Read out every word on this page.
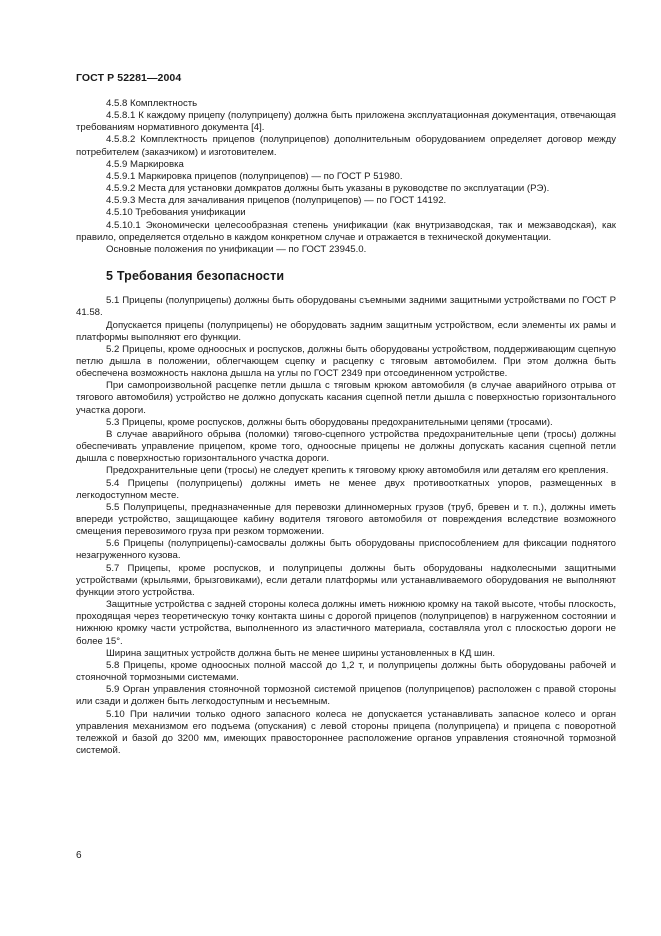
ГОСТ Р 52281—2004

4.5.8 Комплектность

4.5.8.1 К каждому прицепу (полуприцепу) должна быть приложена эксплуатационная документация, отвечающая требованиям нормативного документа [4].

4.5.8.2 Комплектность прицепов (полуприцепов) дополнительным оборудованием определяет договор между потребителем (заказчиком) и изготовителем.

4.5.9 Маркировка

4.5.9.1 Маркировка прицепов (полуприцепов) — по ГОСТ Р 51980.

4.5.9.2 Места для установки домкратов должны быть указаны в руководстве по эксплуатации (РЭ).

4.5.9.3 Места для зачаливания прицепов (полуприцепов) — по ГОСТ 14192.

4.5.10 Требования унификации

4.5.10.1 Экономически целесообразная степень унификации (как внутризаводская, так и межзаводская), как правило, определяется отдельно в каждом конкретном случае и отражается в технической документации.

Основные положения по унификации — по ГОСТ 23945.0.

5 Требования безопасности

5.1 Прицепы (полуприцепы) должны быть оборудованы съемными задними защитными устройствами по ГОСТ Р 41.58.

Допускается прицепы (полуприцепы) не оборудовать задним защитным устройством, если элементы их рамы и платформы выполняют его функции.

5.2 Прицепы, кроме одноосных и роспусков, должны быть оборудованы устройством, поддерживающим сцепную петлю дышла в положении, облегчающем сцепку и расцепку с тяговым автомобилем. При этом должна быть обеспечена возможность наклона дышла на углы по ГОСТ 2349 при отсоединенном устройстве.

При самопроизвольной расцепке петли дышла с тяговым крюком автомобиля (в случае аварийного отрыва от тягового автомобиля) устройство не должно допускать касания сцепной петли дышла с поверхностью горизонтального участка дороги.

5.3 Прицепы, кроме роспусков, должны быть оборудованы предохранительными цепями (тросами).

В случае аварийного обрыва (поломки) тягово-сцепного устройства предохранительные цепи (тросы) должны обеспечивать управление прицепом, кроме того, одноосные прицепы не должны допускать касания сцепной петли дышла с поверхностью горизонтального участка дороги.

Предохранительные цепи (тросы) не следует крепить к тяговому крюку автомобиля или деталям его крепления.

5.4 Прицепы (полуприцепы) должны иметь не менее двух противооткатных упоров, размещенных в легкодоступном месте.

5.5 Полуприцепы, предназначенные для перевозки длинномерных грузов (труб, бревен и т. п.), должны иметь впереди устройство, защищающее кабину водителя тягового автомобиля от повреждения вследствие возможного смещения перевозимого груза при резком торможении.

5.6 Прицепы (полуприцепы)-самосвалы должны быть оборудованы приспособлением для фиксации поднятого незагруженного кузова.

5.7 Прицепы, кроме роспусков, и полуприцепы должны быть оборудованы надколесными защитными устройствами (крыльями, брызговиками), если детали платформы или устанавливаемого оборудования не выполняют функции этого устройства.

Защитные устройства с задней стороны колеса должны иметь нижнюю кромку на такой высоте, чтобы плоскость, проходящая через теоретическую точку контакта шины с дорогой прицепов (полуприцепов) в нагруженном состоянии и нижнюю кромку части устройства, выполненного из эластичного материала, составляла угол с плоскостью дороги не более 15°.

Ширина защитных устройств должна быть не менее ширины установленных в КД шин.

5.8 Прицепы, кроме одноосных полной массой до 1,2 т, и полуприцепы должны быть оборудованы рабочей и стояночной тормозными системами.

5.9 Орган управления стояночной тормозной системой прицепов (полуприцепов) расположен с правой стороны или сзади и должен быть легкодоступным и несъемным.

5.10 При наличии только одного запасного колеса не допускается устанавливать запасное колесо и орган управления механизмом его подъема (опускания) с левой стороны прицепа (полуприцепа) и прицепа с поворотной тележкой и базой до 3200 мм, имеющих правостороннее расположение органов управления стояночной тормозной системой.

6
